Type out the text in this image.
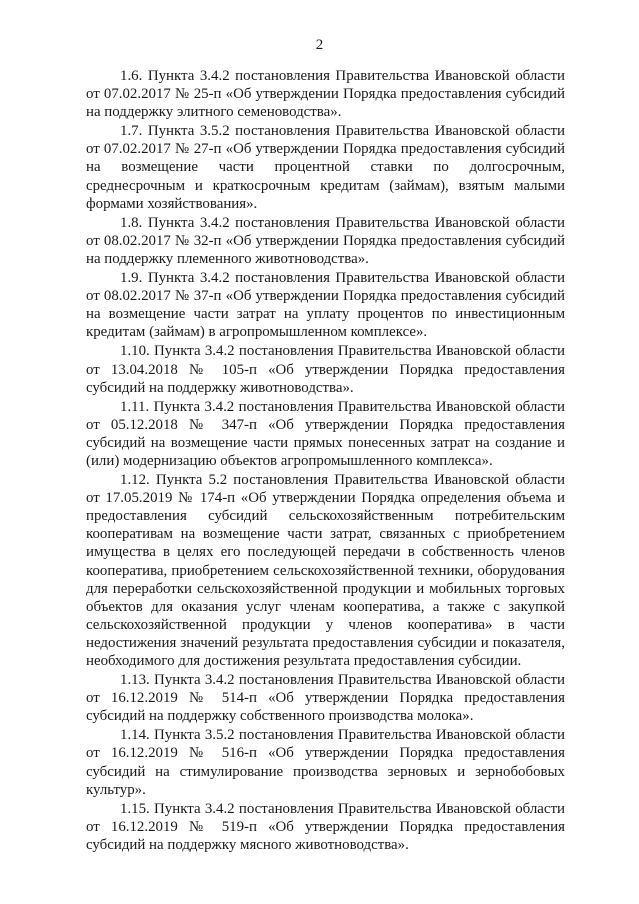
2

1.6. Пункта 3.4.2 постановления Правительства Ивановской области от 07.02.2017 № 25-п «Об утверждении Порядка предоставления субсидий на поддержку элитного семеноводства».

1.7. Пункта 3.5.2 постановления Правительства Ивановской области от 07.02.2017 № 27-п «Об утверждении Порядка предоставления субсидий на возмещение части процентной ставки по долгосрочным, среднесрочным и краткосрочным кредитам (займам), взятым малыми формами хозяйствования».

1.8. Пункта 3.4.2 постановления Правительства Ивановской области от 08.02.2017 № 32-п «Об утверждении Порядка предоставления субсидий на поддержку племенного животноводства».

1.9. Пункта 3.4.2 постановления Правительства Ивановской области от 08.02.2017 № 37-п «Об утверждении Порядка предоставления субсидий на возмещение части затрат на уплату процентов по инвестиционным кредитам (займам) в агропромышленном комплексе».

1.10. Пункта 3.4.2 постановления Правительства Ивановской области от 13.04.2018 № 105-п «Об утверждении Порядка предоставления субсидий на поддержку животноводства».

1.11. Пункта 3.4.2 постановления Правительства Ивановской области от 05.12.2018 № 347-п «Об утверждении Порядка предоставления субсидий на возмещение части прямых понесенных затрат на создание и (или) модернизацию объектов агропромышленного комплекса».

1.12. Пункта 5.2 постановления Правительства Ивановской области от 17.05.2019 № 174-п «Об утверждении Порядка определения объема и предоставления субсидий сельскохозяйственным потребительским кооперативам на возмещение части затрат, связанных с приобретением имущества в целях его последующей передачи в собственность членов кооператива, приобретением сельскохозяйственной техники, оборудования для переработки сельскохозяйственной продукции и мобильных торговых объектов для оказания услуг членам кооператива, а также с закупкой сельскохозяйственной продукции у членов кооператива» в части недостижения значений результата предоставления субсидии и показателя, необходимого для достижения результата предоставления субсидии.

1.13. Пункта 3.4.2 постановления Правительства Ивановской области от 16.12.2019 № 514-п «Об утверждении Порядка предоставления субсидий на поддержку собственного производства молока».

1.14. Пункта 3.5.2 постановления Правительства Ивановской области от 16.12.2019 № 516-п «Об утверждении Порядка предоставления субсидий на стимулирование производства зерновых и зернобобовых культур».

1.15. Пункта 3.4.2 постановления Правительства Ивановской области от 16.12.2019 № 519-п «Об утверждении Порядка предоставления субсидий на поддержку мясного животноводства».
